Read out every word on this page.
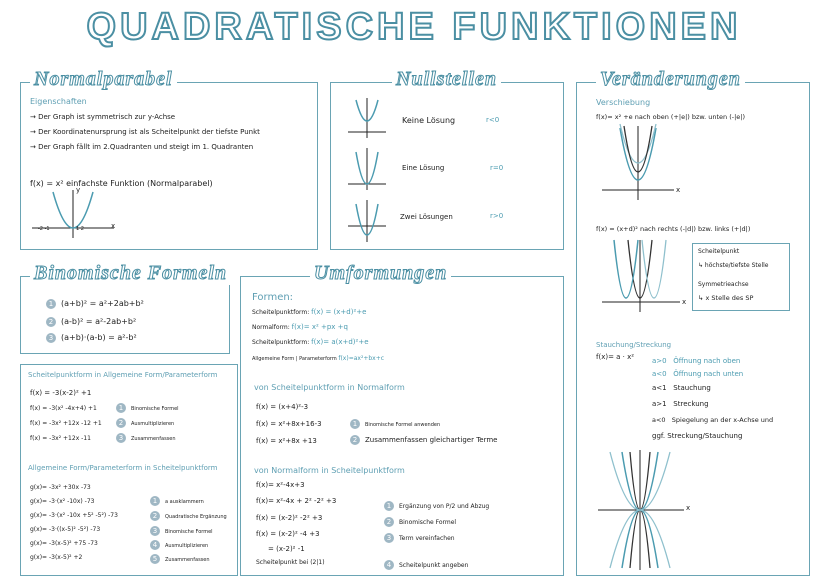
QUADRATISCHE FUNKTIONEN
Normalparabel
Eigenschaften
→ Der Graph ist symmetrisch zur y-Achse
→ Der Koordinatenursprung ist als Scheitelpunkt der tiefste Punkt
→ Der Graph fällt im 2.Quadranten und steigt im 1. Quadranten
f(x) = x² einfachste Funktion (Normalparabel)
y
x
-2 -1	1 2
Nullstellen
Keine Lösung	r<0
Eine Lösung	r=0
Zwei Lösungen	r>0
Binomische Formeln
1 (a+b)² = a²+2ab+b²
2 (a-b)² = a²-2ab+b²
3 (a+b)·(a-b) = a²-b²
Scheitelpunktform in Allgemeine Form/Parameterform
f(x) = -3(x-2)² +1
f(x) = -3(x² -4x+4) +1
f(x) = -3x² +12x -12 +1
f(x) = -3x² +12x -11
1 Binomische Formel
2 Ausmultiplizieren
3 Zusammenfassen
Allgemeine Form/Parameterform in Scheitelpunktform
g(x)= -3x² +30x -73
g(x)= -3·(x² -10x) -73
g(x)= -3·(x² -10x +5² -5²) -73
g(x)= -3·((x-5)² -5²) -73
g(x)= -3(x-5)² +75 -73
g(x)= -3(x-5)² +2
1 a ausklammern
2 Quadratische Ergänzung
3 Binomische Formel
4 Ausmultiplizieren
5 Zusammenfassen
Umformungen
Formen:
Scheitelpunktform: f(x) = (x+d)²+e
Normalform: f(x)= x² +px +q
Scheitelpunktform: f(x)= a(x+d)²+e
Allgemeine Form | Parameterform f(x)=ax²+bx+c
von Scheitelpunktform in Normalform
f(x) = (x+4)²-3
f(x) = x²+8x+16-3
f(x) = x²+8x +13
1 Binomische Formel anwenden
2 Zusammenfassen gleichartiger Terme
von Normalform in Scheitelpunktform
f(x)= x²-4x+3
f(x)= x²-4x + 2² -2² +3
f(x) = (x-2)² -2² +3
f(x) = (x-2)² -4 +3
= (x-2)² -1
Scheitelpunkt bei (2|1)
1 Ergänzung von P/2 und Abzug
2 Binomische Formel
3 Term vereinfachen
4 Scheitelpunkt angeben
Veränderungen
Verschiebung
f(x)= x² +e nach oben (+|e|) bzw. unten (-|e|)
x
f(x) = (x+d)² nach rechts (-|d|) bzw. links (+|d|)
x
Scheitelpunkt
↳ höchste/tiefste Stelle
Symmetrieachse
↳ x Stelle des SP
Stauchung/Streckung
f(x)= a · x²	a>0 Öffnung nach oben
a<0 Öffnung nach unten
a<1 Stauchung
a>1 Streckung
a<0 Spiegelung an der x-Achse und
ggf. Streckung/Stauchung
x
